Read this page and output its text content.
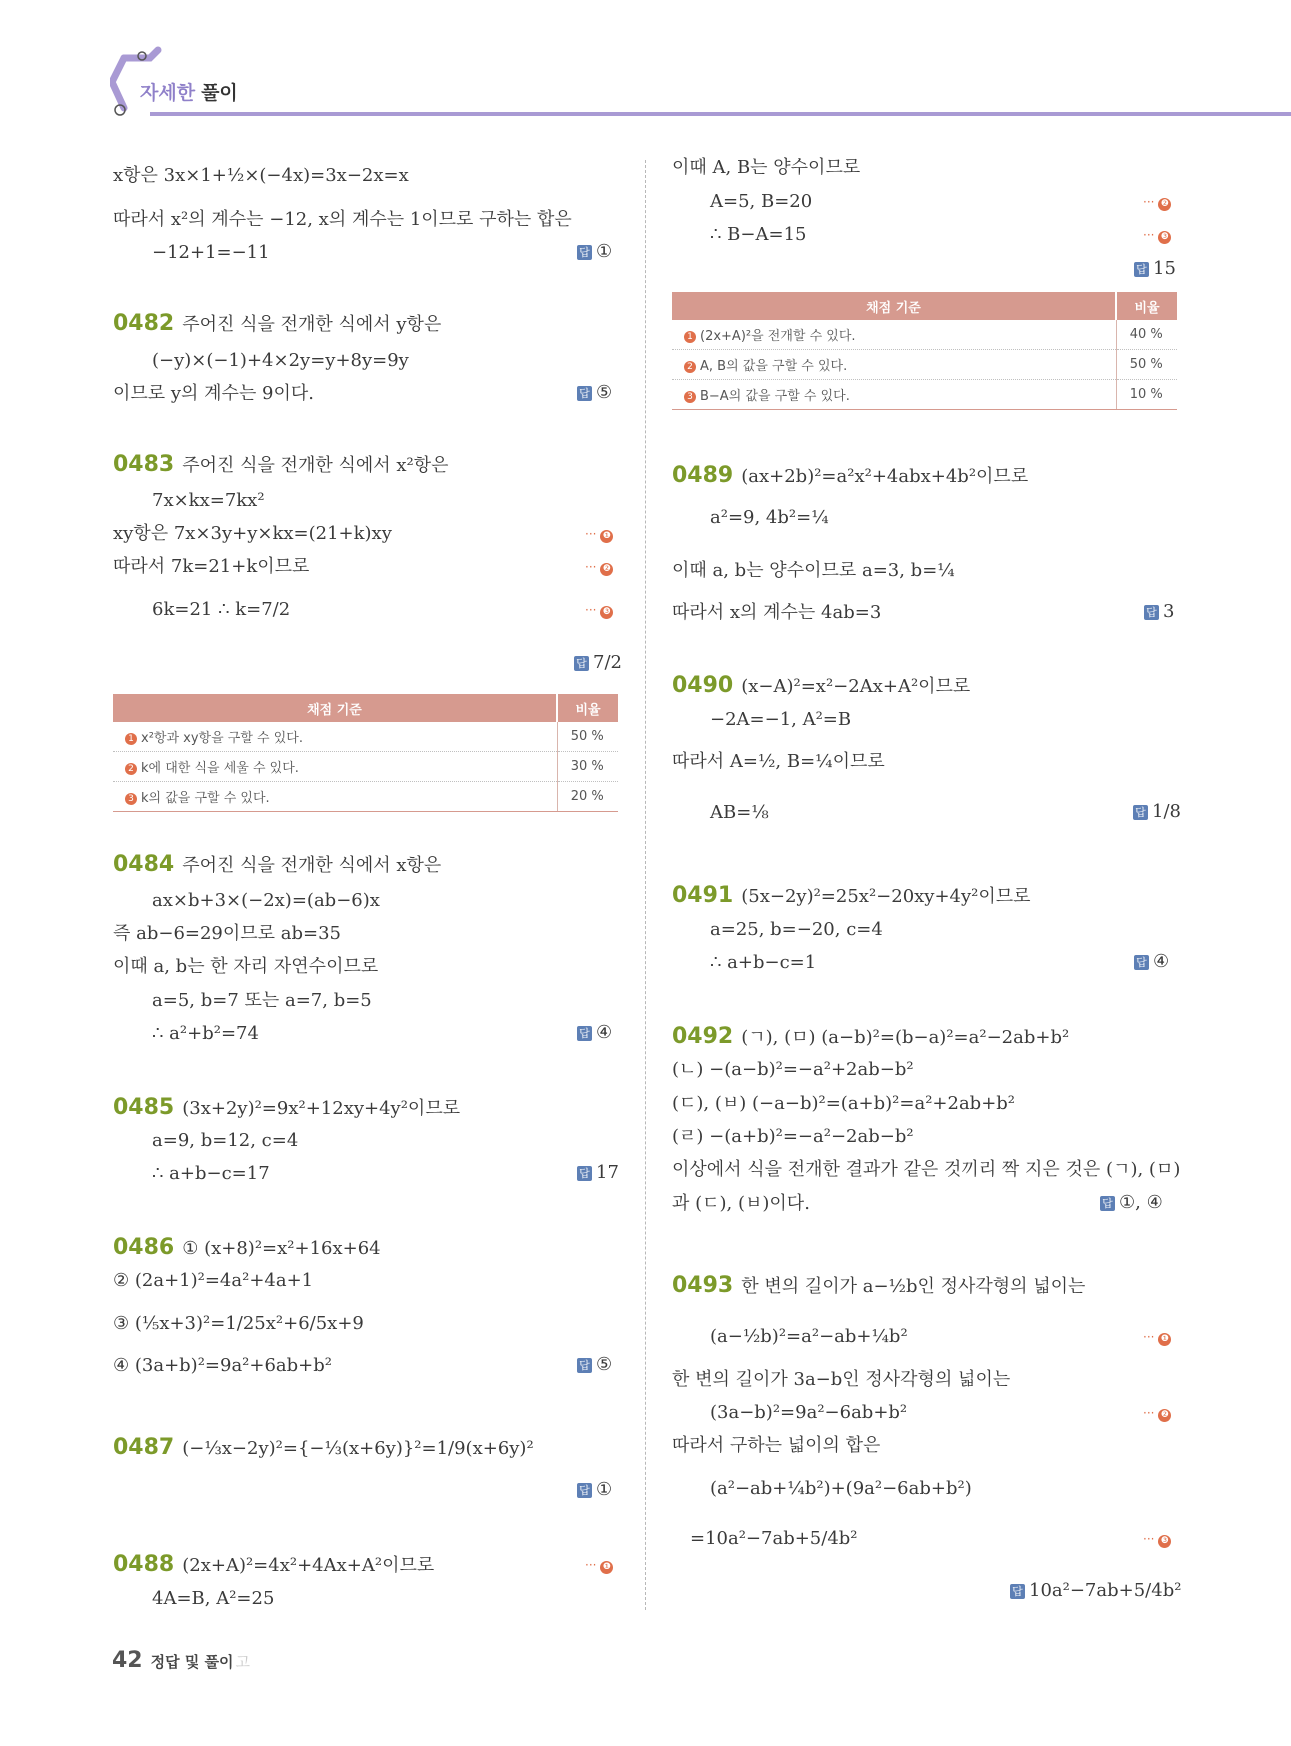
자세한 풀이
x항은 3x×1+½×(−4x)=3x−2x=x
따라서 x²의 계수는 −12, x의 계수는 1이므로 구하는 합은
−12+1=−11	답 ①
0482 주어진 식을 전개한 식에서 y항은
(−y)×(−1)+4×2y=y+8y=9y
이므로 y의 계수는 9이다.	답 ⑤
0483 주어진 식을 전개한 식에서 x²항은
7x×kx=7kx²
xy항은 7x×3y+y×kx=(21+k)xy	··· ❶
따라서 7k=21+k이므로	··· ❷
6k=21 ∴ k=7/2	··· ❸
답 7/2
채점 기준	비율
1 x²항과 xy항을 구할 수 있다.	50 %
2 k에 대한 식을 세울 수 있다.	30 %
3 k의 값을 구할 수 있다.	20 %
0484 주어진 식을 전개한 식에서 x항은
ax×b+3×(−2x)=(ab−6)x
즉 ab−6=29이므로 ab=35
이때 a, b는 한 자리 자연수이므로
a=5, b=7 또는 a=7, b=5
∴ a²+b²=74	답 ④
0485 (3x+2y)²=9x²+12xy+4y²이므로
a=9, b=12, c=4
∴ a+b−c=17	답 17
0486 ① (x+8)²=x²+16x+64
② (2a+1)²=4a²+4a+1
③ (⅕x+3)²=1/25x²+6/5x+9
④ (3a+b)²=9a²+6ab+b²	답 ⑤
0487 (−⅓x−2y)²={−⅓(x+6y)}²=1/9(x+6y)²
답 ①
0488 (2x+A)²=4x²+4Ax+A²이므로	··· ❶
4A=B, A²=25
이때 A, B는 양수이므로
A=5, B=20	··· ❷
∴ B−A=15	··· ❸
답 15
채점 기준	비율
1 (2x+A)²을 전개할 수 있다.	40 %
2 A, B의 값을 구할 수 있다.	50 %
3 B−A의 값을 구할 수 있다.	10 %
0489 (ax+2b)²=a²x²+4abx+4b²이므로
a²=9, 4b²=¼
이때 a, b는 양수이므로 a=3, b=¼
따라서 x의 계수는 4ab=3	답 3
0490 (x−A)²=x²−2Ax+A²이므로
−2A=−1, A²=B
따라서 A=½, B=¼이므로
AB=⅛	답 1/8
0491 (5x−2y)²=25x²−20xy+4y²이므로
a=25, b=−20, c=4
∴ a+b−c=1	답 ④
0492 (ㄱ), (ㅁ) (a−b)²=(b−a)²=a²−2ab+b²
(ㄴ) −(a−b)²=−a²+2ab−b²
(ㄷ), (ㅂ) (−a−b)²=(a+b)²=a²+2ab+b²
(ㄹ) −(a+b)²=−a²−2ab−b²
이상에서 식을 전개한 결과가 같은 것끼리 짝 지은 것은 (ㄱ), (ㅁ)
과 (ㄷ), (ㅂ)이다.	답 ①, ④
0493 한 변의 길이가 a−½b인 정사각형의 넓이는
(a−½b)²=a²−ab+¼b²	··· ❶
한 변의 길이가 3a−b인 정사각형의 넓이는
(3a−b)²=9a²−6ab+b²	··· ❷
따라서 구하는 넓이의 합은
(a²−ab+¼b²)+(9a²−6ab+b²)
=10a²−7ab+5/4b²	··· ❸
답 10a²−7ab+5/4b²
42 정답 및 풀이 고
